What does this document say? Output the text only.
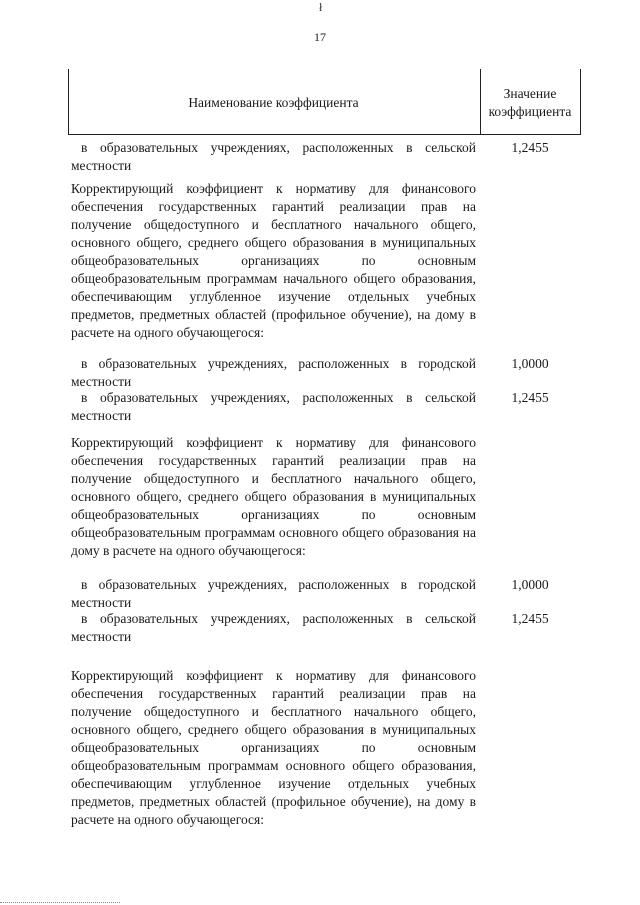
ł
17
Наименование коэффициента
Значение коэффициента
в образовательных учреждениях, расположенных в сельской местности
1,2455
Корректирующий коэффициент к нормативу для финансового обеспечения государственных гарантий реализации прав на получение общедоступного и бесплатного начального общего, основного общего, среднего общего образования в муниципальных общеобразовательных организациях по основным общеобразовательным программам начального общего образования, обеспечивающим углубленное изучение отдельных учебных предметов, предметных областей (профильное обучение), на дому в расчете на одного обучающегося:
в образовательных учреждениях, расположенных в городской местности
1,0000
в образовательных учреждениях, расположенных в сельской местности
1,2455
Корректирующий коэффициент к нормативу для финансового обеспечения государственных гарантий реализации прав на получение общедоступного и бесплатного начального общего, основного общего, среднего общего образования в муниципальных общеобразовательных организациях по основным общеобразовательным программам основного общего образования на дому в расчете на одного обучающегося:
в образовательных учреждениях, расположенных в городской местности
1,0000
в образовательных учреждениях, расположенных в сельской местности
1,2455
Корректирующий коэффициент к нормативу для финансового обеспечения государственных гарантий реализации прав на получение общедоступного и бесплатного начального общего, основного общего, среднего общего образования в муниципальных общеобразовательных организациях по основным общеобразовательным программам основного общего образования, обеспечивающим углубленное изучение отдельных учебных предметов, предметных областей (профильное обучение), на дому в расчете на одного обучающегося:
